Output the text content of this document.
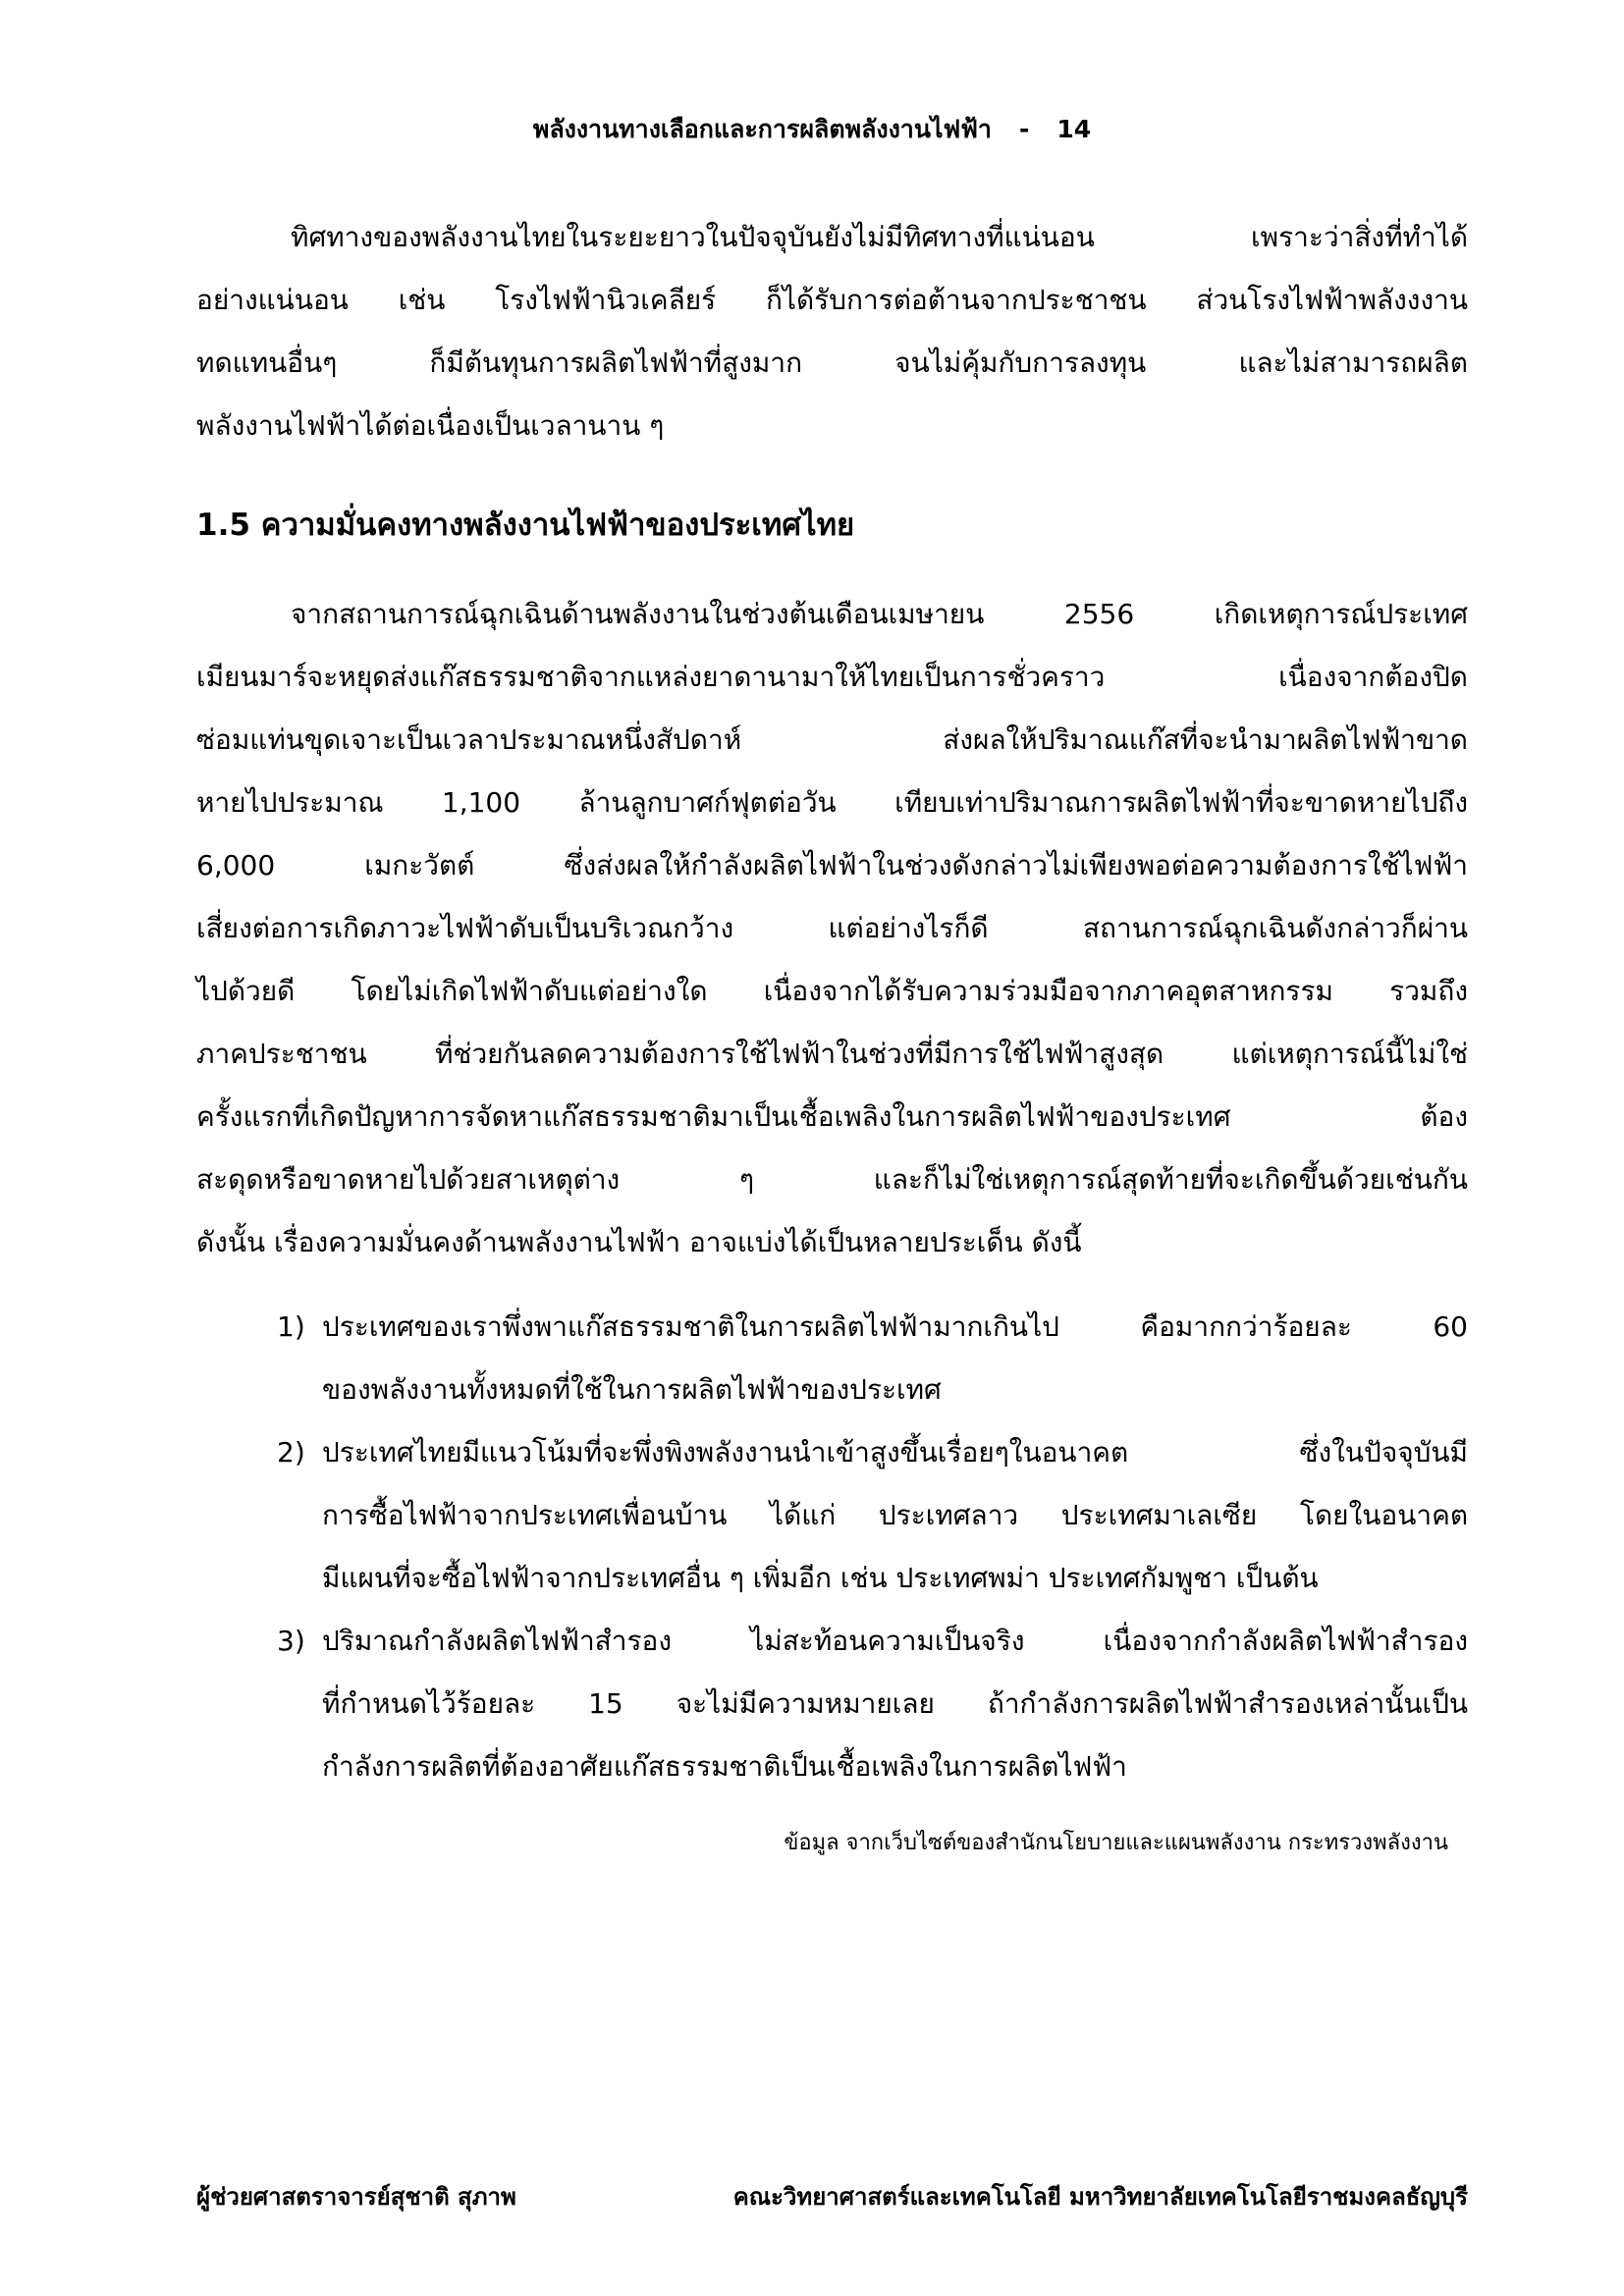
พลังงานทางเลือกและการผลิตพลังงานไฟฟ้า - 14

ทิศทางของพลังงานไทยในระยะยาวในปัจจุบันยังไม่มีทิศทางที่แน่นอน เพราะว่าสิ่งที่ทำได้
อย่างแน่นอน เช่น โรงไฟฟ้านิวเคลียร์ ก็ได้รับการต่อต้านจากประชาชน ส่วนโรงไฟฟ้าพลังงงาน
ทดแทนอื่นๆ ก็มีต้นทุนการผลิตไฟฟ้าที่สูงมาก จนไม่คุ้มกับการลงทุน และไม่สามารถผลิต
พลังงานไฟฟ้าได้ต่อเนื่องเป็นเวลานาน ๆ

1.5 ความมั่นคงทางพลังงานไฟฟ้าของประเทศไทย

จากสถานการณ์ฉุกเฉินด้านพลังงานในช่วงต้นเดือนเมษายน 2556 เกิดเหตุการณ์ประเทศ
เมียนมาร์จะหยุดส่งแก๊สธรรมชาติจากแหล่งยาดานามาให้ไทยเป็นการชั่วคราว เนื่องจากต้องปิด
ซ่อมแท่นขุดเจาะเป็นเวลาประมาณหนึ่งสัปดาห์ ส่งผลให้ปริมาณแก๊สที่จะนำมาผลิตไฟฟ้าขาด
หายไปประมาณ 1,100 ล้านลูกบาศก์ฟุตต่อวัน เทียบเท่าปริมาณการผลิตไฟฟ้าที่จะขาดหายไปถึง
6,000 เมกะวัตต์ ซึ่งส่งผลให้กำลังผลิตไฟฟ้าในช่วงดังกล่าวไม่เพียงพอต่อความต้องการใช้ไฟฟ้า
เสี่ยงต่อการเกิดภาวะไฟฟ้าดับเป็นบริเวณกว้าง แต่อย่างไรก็ดี สถานการณ์ฉุกเฉินดังกล่าวก็ผ่าน
ไปด้วยดี โดยไม่เกิดไฟฟ้าดับแต่อย่างใด เนื่องจากได้รับความร่วมมือจากภาคอุตสาหกรรม รวมถึง
ภาคประชาชน ที่ช่วยกันลดความต้องการใช้ไฟฟ้าในช่วงที่มีการใช้ไฟฟ้าสูงสุด แต่เหตุการณ์นี้ไม่ใช่
ครั้งแรกที่เกิดปัญหาการจัดหาแก๊สธรรมชาติมาเป็นเชื้อเพลิงในการผลิตไฟฟ้าของประเทศ ต้อง
สะดุดหรือขาดหายไปด้วยสาเหตุต่าง ๆ และก็ไม่ใช่เหตุการณ์สุดท้ายที่จะเกิดขึ้นด้วยเช่นกัน
ดังนั้น เรื่องความมั่นคงด้านพลังงานไฟฟ้า อาจแบ่งได้เป็นหลายประเด็น ดังนี้

1) ประเทศของเราพึ่งพาแก๊สธรรมชาติในการผลิตไฟฟ้ามากเกินไป คือมากกว่าร้อยละ 60
ของพลังงานทั้งหมดที่ใช้ในการผลิตไฟฟ้าของประเทศ
2) ประเทศไทยมีแนวโน้มที่จะพึ่งพิงพลังงานนำเข้าสูงขึ้นเรื่อยๆในอนาคต ซึ่งในปัจจุบันมี
การซื้อไฟฟ้าจากประเทศเพื่อนบ้าน ได้แก่ ประเทศลาว ประเทศมาเลเซีย โดยในอนาคต
มีแผนที่จะซื้อไฟฟ้าจากประเทศอื่น ๆ เพิ่มอีก เช่น ประเทศพม่า ประเทศกัมพูชา เป็นต้น
3) ปริมาณกำลังผลิตไฟฟ้าสำรอง ไม่สะท้อนความเป็นจริง เนื่องจากกำลังผลิตไฟฟ้าสำรอง
ที่กำหนดไว้ร้อยละ 15 จะไม่มีความหมายเลย ถ้ากำลังการผลิตไฟฟ้าสำรองเหล่านั้นเป็น
กำลังการผลิตที่ต้องอาศัยแก๊สธรรมชาติเป็นเชื้อเพลิงในการผลิตไฟฟ้า
ข้อมูล จากเว็บไซต์ของสำนักนโยบายและแผนพลังงาน กระทรวงพลังงาน
ผู้ช่วยศาสตราจารย์สุชาติ สุภาพ	คณะวิทยาศาสตร์และเทคโนโลยี มหาวิทยาลัยเทคโนโลยีราชมงคลธัญบุรี
